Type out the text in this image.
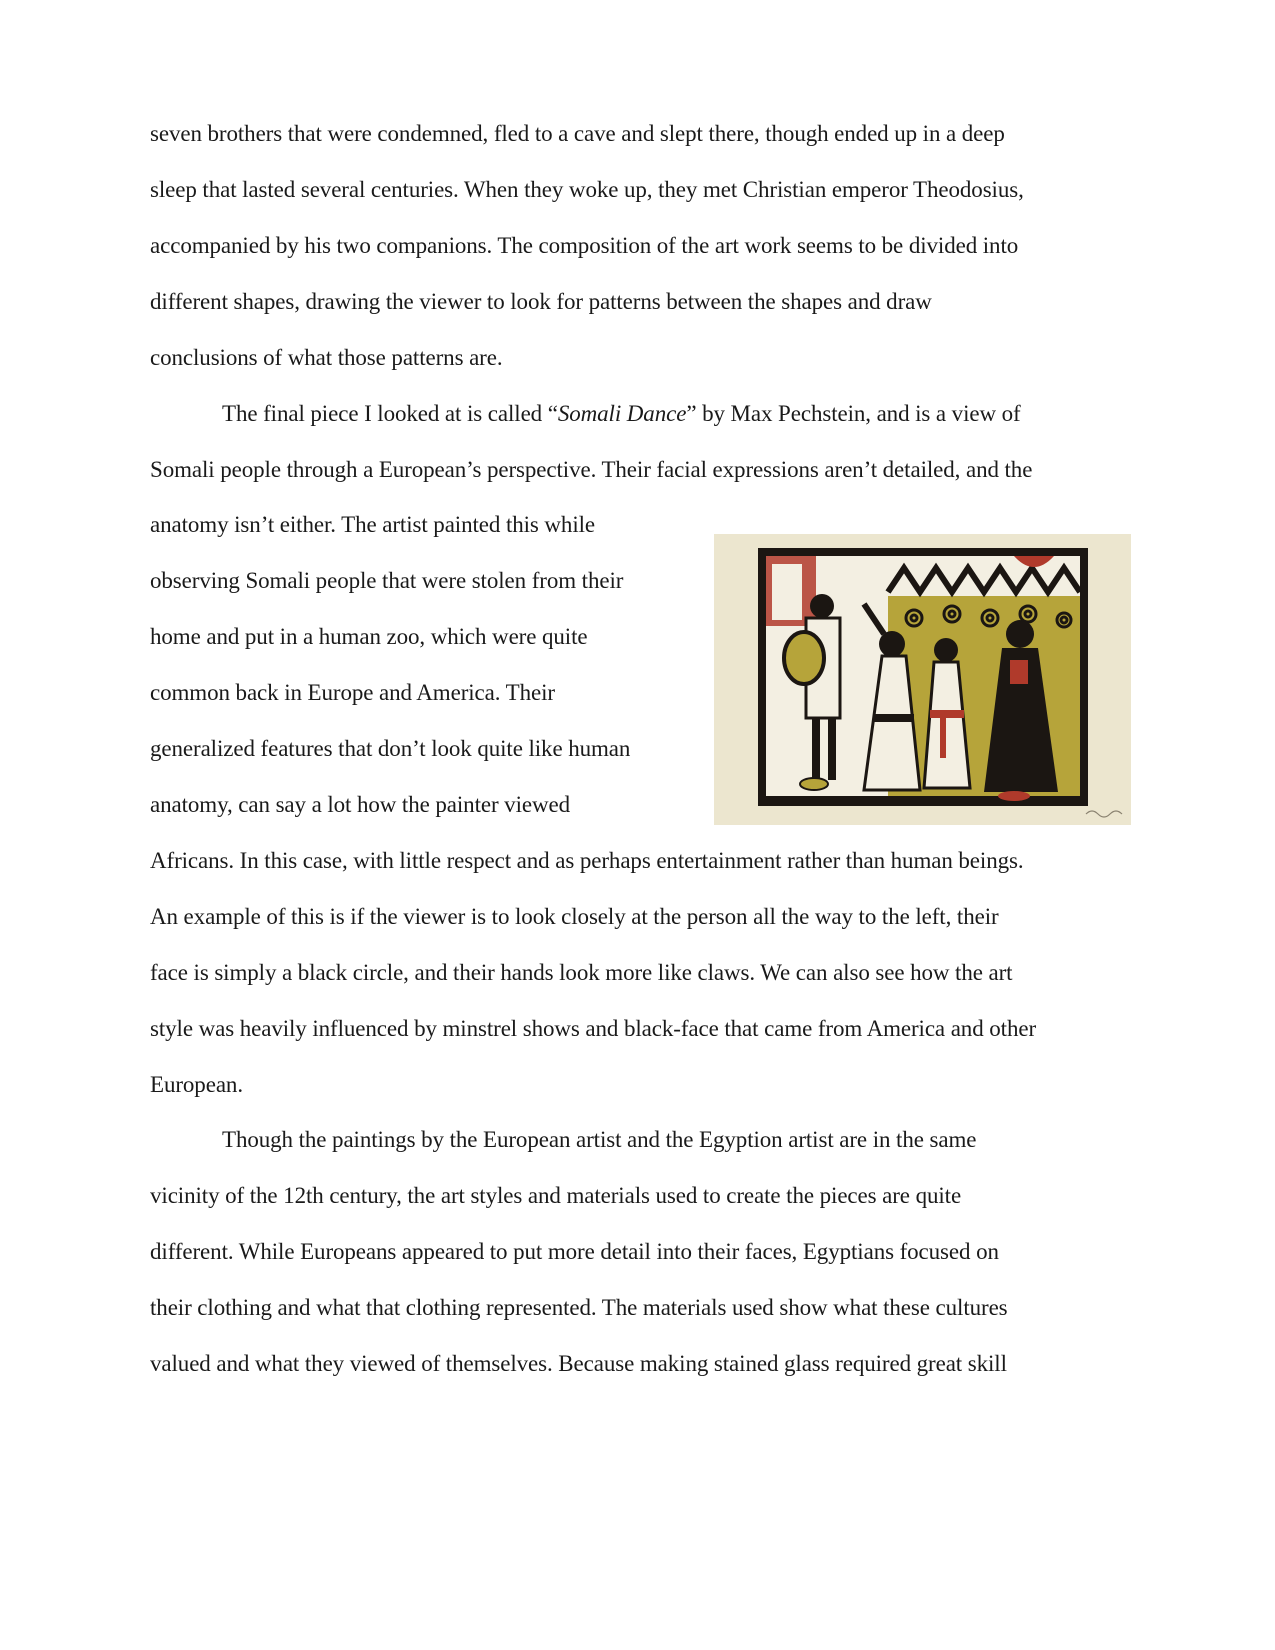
seven brothers that were condemned, fled to a cave and slept there, though ended up in a deep
sleep that lasted several centuries. When they woke up, they met Christian emperor Theodosius,
accompanied by his two companions. The composition of the art work seems to be divided into
different shapes, drawing the viewer to look for patterns between the shapes and draw
conclusions of what those patterns are.
The final piece I looked at is called “Somali Dance” by Max Pechstein, and is a view of
Somali people through a European’s perspective. Their facial expressions aren’t detailed, and the
anatomy isn’t either. The artist painted this while
observing Somali people that were stolen from their
home and put in a human zoo, which were quite
common back in Europe and America. Their
generalized features that don’t look quite like human
anatomy, can say a lot how the painter viewed
Africans. In this case, with little respect and as perhaps entertainment rather than human beings.
An example of this is if the viewer is to look closely at the person all the way to the left, their
face is simply a black circle, and their hands look more like claws. We can also see how the art
style was heavily influenced by minstrel shows and black-face that came from America and other
European.
Though the paintings by the European artist and the Egyption artist are in the same
vicinity of the 12th century, the art styles and materials used to create the pieces are quite
different. While Europeans appeared to put more detail into their faces, Egyptians focused on
their clothing and what that clothing represented. The materials used show what these cultures
valued and what they viewed of themselves. Because making stained glass required great skill
